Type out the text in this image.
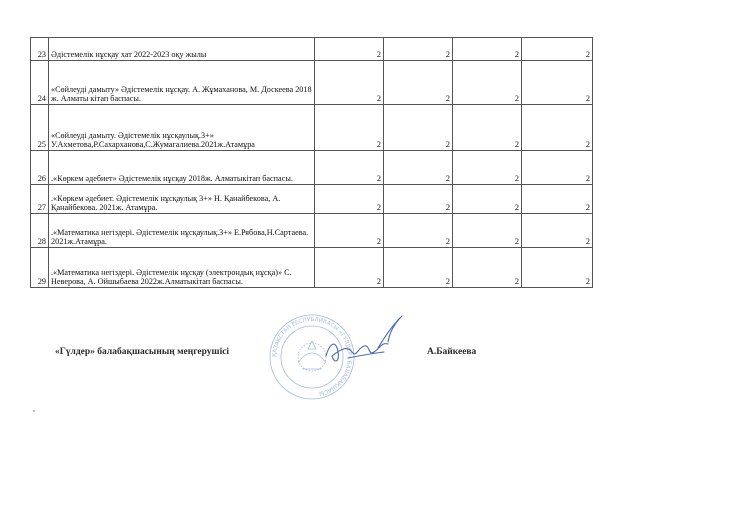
23	Әдістемелік нұсқау хат 2022-2023 оқу жылы	2	2	2	2
24	«Сөйлеуді дамыту» Әдістемелік нұсқау. А. Жұмаханова, М. Доскеева 2018 ж. Алматы кітап баспасы.	2	2	2	2
25	«Сөйлеуді дамыту. Әдістемелік нұсқаулық.3+» У.Ахметова,Р.Сахарханова,С.Жумагалиева.2021ж.Атамұра	2	2	2	2
26	.«Көркем әдебиет» Әдістемелік нұсқау 2018ж. Алматыкітап баспасы.	2	2	2	2
27	.«Көркем әдебиет. Әдістемелік нұсқаулық 3+» Н. Қанайбекова, А. Қанайбекова. 2021ж. Атамұра.	2	2	2	2
28	.«Математика негіздері. Әдістемелік нұсқаулық.3+» Е.Рябова,Н.Сартаева. 2021ж.Атамұра.	2	2	2	2
29	.«Математика негіздері. Әдістемелік нұсқау (электрондық нұсқа)» С. Неверова, А. Ойшыбаева 2022ж.Алматыкітап баспасы.	2	2	2	2
ҚАЗАҚСТАН РЕСПУБЛИКАСЫ «ГҮЛДЕР» БАЛАБАҚШАСЫ
«Гүлдер» балабақшасының меңгерушісі	А.Байкеева
